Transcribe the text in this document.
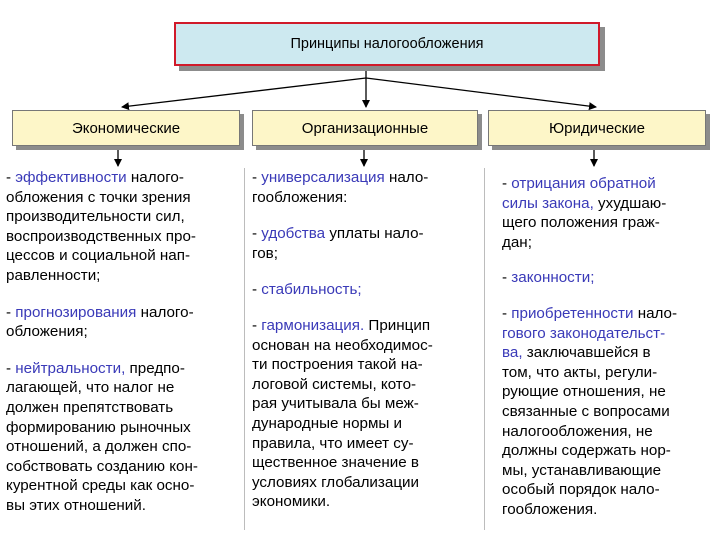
Принципы налогообложения
Экономические	Организационные	Юридические

- эффективности налого-
обложения с точки зрения
производительности сил,
воспроизводственных про-
цессов и социальной нап-
равленности;

- прогнозирования налого-
обложения;

- нейтральности, предпо-
лагающей, что налог не
должен препятствовать
формированию рыночных
отношений, а должен спо-
собствовать созданию кон-
курентной среды как осно-
вы этих отношений.

- универсализация нало-
гообложения:

- удобства уплаты нало-
гов;

- стабильность;

- гармонизация. Принцип
основан на необходимос-
ти построения такой на-
логовой системы, кото-
рая учитывала бы меж-
дународные нормы и
правила, что имеет су-
щественное значение в
условиях глобализации
экономики.

- отрицания обратной
силы закона, ухудшаю-
щего положения граж-
дан;

- законности;

- приобретенности нало-
гового законодательст-
ва, заключавшейся в
том, что акты, регули-
рующие отношения, не
связанные с вопросами
налогообложения, не
должны содержать нор-
мы, устанавливающие
особый порядок нало-
гообложения.
